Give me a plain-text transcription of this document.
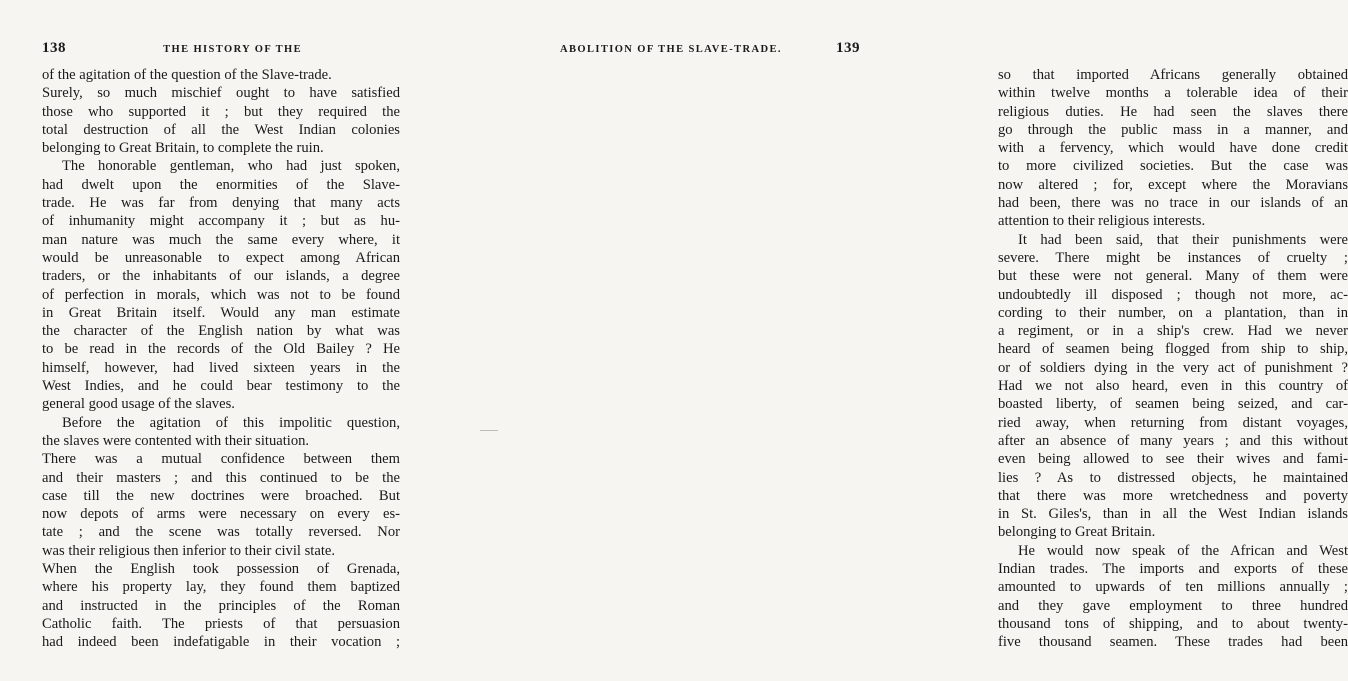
138	THE HISTORY OF THE
of the agitation of the question of the Slave-trade.
Surely, so much mischief ought to have satisfied
those who supported it ; but they required the
total destruction of all the West Indian colonies
belonging to Great Britain, to complete the ruin.
The honorable gentleman, who had just spoken,
had dwelt upon the enormities of the Slave-
trade. He was far from denying that many acts
of inhumanity might accompany it ; but as hu-
man nature was much the same every where, it
would be unreasonable to expect among African
traders, or the inhabitants of our islands, a degree
of perfection in morals, which was not to be found
in Great Britain itself. Would any man estimate
the character of the English nation by what was
to be read in the records of the Old Bailey ? He
himself, however, had lived sixteen years in the
West Indies, and he could bear testimony to the
general good usage of the slaves.
Before the agitation of this impolitic question,
the slaves were contented with their situation.
There was a mutual confidence between them
and their masters ; and this continued to be the
case till the new doctrines were broached. But
now depots of arms were necessary on every es-
tate ; and the scene was totally reversed. Nor
was their religious then inferior to their civil state.
When the English took possession of Grenada,
where his property lay, they found them baptized
and instructed in the principles of the Roman
Catholic faith. The priests of that persuasion
had indeed been indefatigable in their vocation ;
ABOLITION OF THE SLAVE-TRADE.	139
so that imported Africans generally obtained
within twelve months a tolerable idea of their
religious duties. He had seen the slaves there
go through the public mass in a manner, and
with a fervency, which would have done credit
to more civilized societies. But the case was
now altered ; for, except where the Moravians
had been, there was no trace in our islands of an
attention to their religious interests.
It had been said, that their punishments were
severe. There might be instances of cruelty ;
but these were not general. Many of them were
undoubtedly ill disposed ; though not more, ac-
cording to their number, on a plantation, than in
a regiment, or in a ship's crew. Had we never
heard of seamen being flogged from ship to ship,
or of soldiers dying in the very act of punishment ?
Had we not also heard, even in this country of
boasted liberty, of seamen being seized, and car-
ried away, when returning from distant voyages,
after an absence of many years ; and this without
even being allowed to see their wives and fami-
lies ? As to distressed objects, he maintained
that there was more wretchedness and poverty
in St. Giles's, than in all the West Indian islands
belonging to Great Britain.
He would now speak of the African and West
Indian trades. The imports and exports of these
amounted to upwards of ten millions annually ;
and they gave employment to three hundred
thousand tons of shipping, and to about twenty-
five thousand seamen. These trades had been
